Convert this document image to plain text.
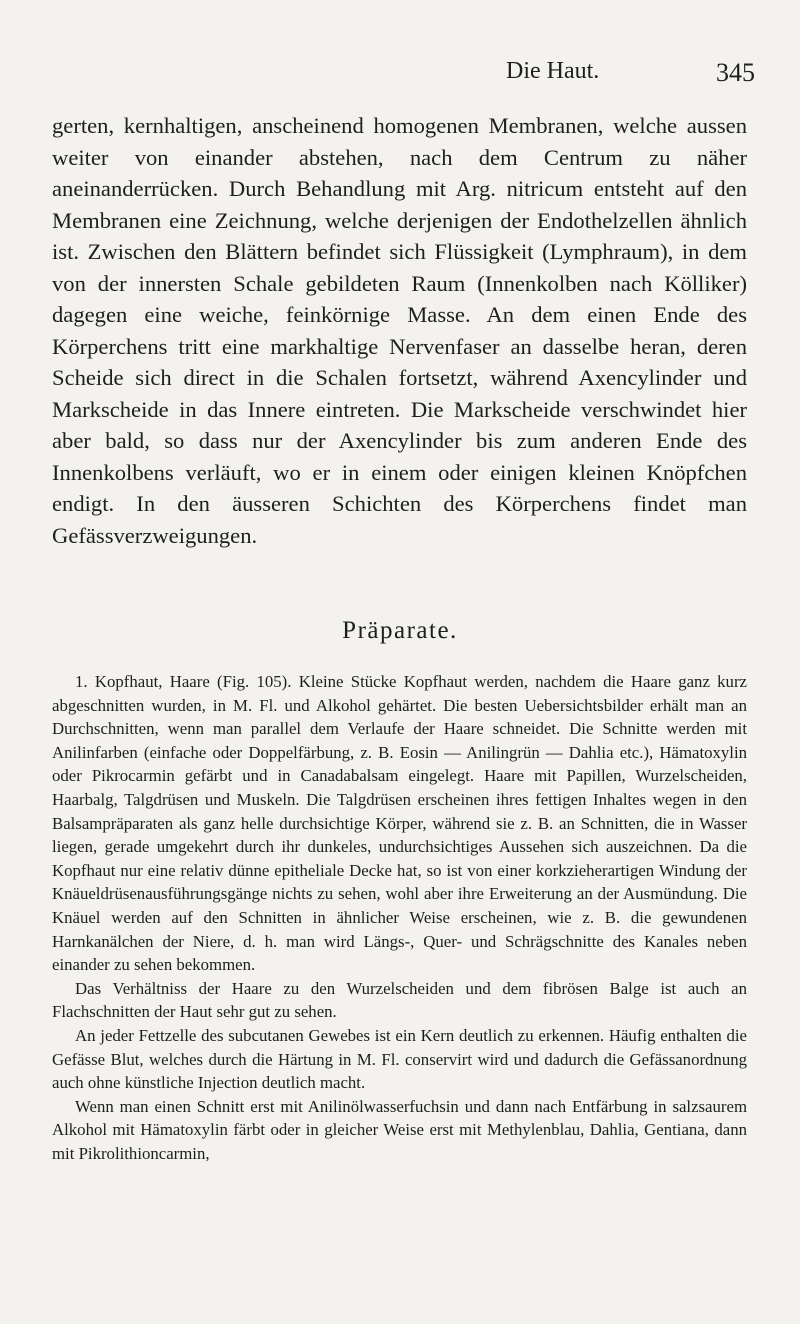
Die Haut.	345

gerten, kernhaltigen, anscheinend homogenen Membranen, welche aussen weiter von einander abstehen, nach dem Centrum zu näher aneinanderrücken. Durch Behandlung mit Arg. nitricum entsteht auf den Membranen eine Zeichnung, welche derjenigen der Endothelzellen ähnlich ist. Zwischen den Blättern befindet sich Flüssigkeit (Lymphraum), in dem von der innersten Schale gebildeten Raum (Innenkolben nach Kölliker) dagegen eine weiche, feinkörnige Masse. An dem einen Ende des Körperchens tritt eine markhaltige Nervenfaser an dasselbe heran, deren Scheide sich direct in die Schalen fortsetzt, während Axencylinder und Markscheide in das Innere eintreten. Die Markscheide verschwindet hier aber bald, so dass nur der Axencylinder bis zum anderen Ende des Innenkolbens verläuft, wo er in einem oder einigen kleinen Knöpfchen endigt. In den äusseren Schichten des Körperchens findet man Gefässverzweigungen.

Präparate.

1. Kopfhaut, Haare (Fig. 105). Kleine Stücke Kopfhaut werden, nachdem die Haare ganz kurz abgeschnitten wurden, in M. Fl. und Alkohol gehärtet. Die besten Uebersichtsbilder erhält man an Durchschnitten, wenn man parallel dem Verlaufe der Haare schneidet. Die Schnitte werden mit Anilinfarben (einfache oder Doppelfärbung, z. B. Eosin — Anilingrün — Dahlia etc.), Hämatoxylin oder Pikrocarmin gefärbt und in Canadabalsam eingelegt. Haare mit Papillen, Wurzelscheiden, Haarbalg, Talgdrüsen und Muskeln. Die Talgdrüsen erscheinen ihres fettigen Inhaltes wegen in den Balsampräparaten als ganz helle durchsichtige Körper, während sie z. B. an Schnitten, die in Wasser liegen, gerade umgekehrt durch ihr dunkeles, undurchsichtiges Aussehen sich auszeichnen. Da die Kopfhaut nur eine relativ dünne epitheliale Decke hat, so ist von einer korkzieherartigen Windung der Knäueldrüsenausführungsgänge nichts zu sehen, wohl aber ihre Erweiterung an der Ausmündung. Die Knäuel werden auf den Schnitten in ähnlicher Weise erscheinen, wie z. B. die gewundenen Harnkanälchen der Niere, d. h. man wird Längs-, Quer- und Schrägschnitte des Kanales neben einander zu sehen bekommen.

Das Verhältniss der Haare zu den Wurzelscheiden und dem fibrösen Balge ist auch an Flachschnitten der Haut sehr gut zu sehen.

An jeder Fettzelle des subcutanen Gewebes ist ein Kern deutlich zu erkennen. Häufig enthalten die Gefässe Blut, welches durch die Härtung in M. Fl. conservirt wird und dadurch die Gefässanordnung auch ohne künstliche Injection deutlich macht.

Wenn man einen Schnitt erst mit Anilinölwasserfuchsin und dann nach Entfärbung in salzsaurem Alkohol mit Hämatoxylin färbt oder in gleicher Weise erst mit Methylenblau, Dahlia, Gentiana, dann mit Pikrolithioncarmin,
